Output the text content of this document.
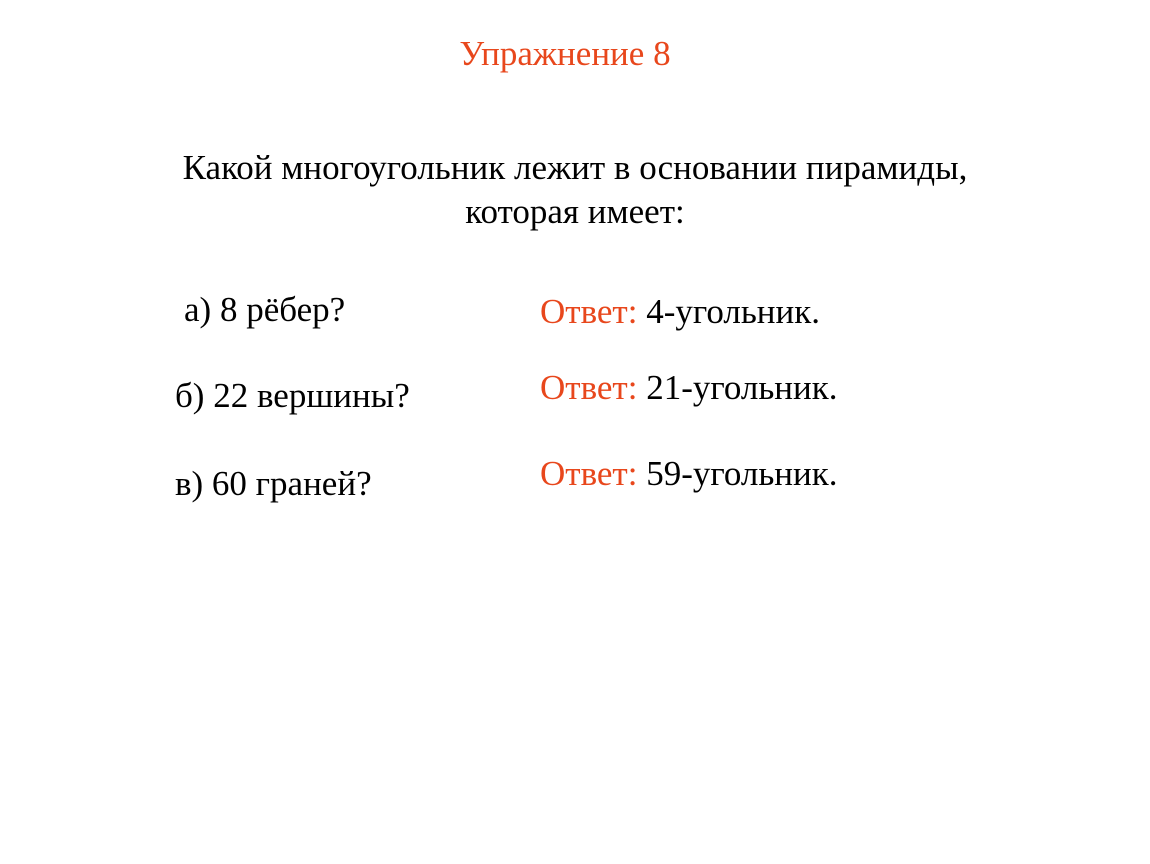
Упражнение 8
Какой многоугольник лежит в основании пирамиды,
которая имеет:
а) 8 рёбер?	Ответ: 4-угольник.
б) 22 вершины?	Ответ: 21-угольник.
в) 60 граней?	Ответ: 59-угольник.
